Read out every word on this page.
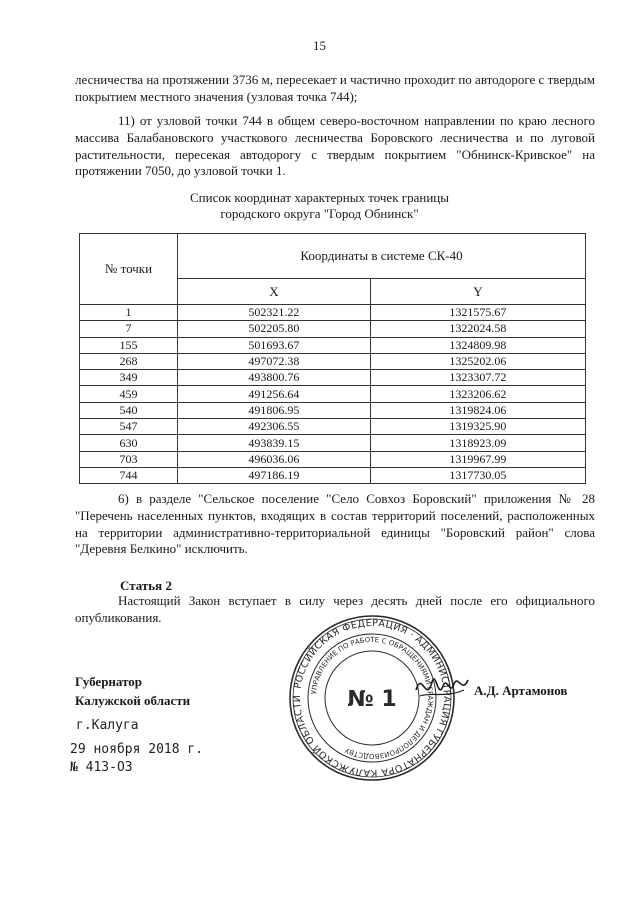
15
лесничества на протяжении 3736 м, пересекает и частично проходит по автодороге с твердым покрытием местного значения (узловая точка 744);
11) от узловой точки 744 в общем северо-восточном направлении по краю лесного массива Балабановского участкового лесничества Боровского лесничества и по луговой растительности, пересекая автодорогу с твердым покрытием "Обнинск-Кривское" на протяжении 7050, до узловой точки 1.
Список координат характерных точек границы
городского округа "Город Обнинск"
№ точки	Координаты в системе СК-40	
	X	Y
1	502321.22	1321575.67
7	502205.80	1322024.58
155	501693.67	1324809.98
268	497072.38	1325202.06
349	493800.76	1323307.72
459	491256.64	1323206.62
540	491806.95	1319824.06
547	492306.55	1319325.90
630	493839.15	1318923.09
703	496036.06	1319967.99
744	497186.19	1317730.05
6) в разделе "Сельское поселение "Село Совхоз Боровский" приложения № 28 "Перечень населенных пунктов, входящих в состав территорий поселений, расположенных на территории административно-территориальной единицы "Боровский район" слова "Деревня Белкино" исключить.
Статья 2
Настоящий Закон вступает в силу через десять дней после его официального опубликования.
РОССИЙСКАЯ ФЕДЕРАЦИЯ · АДМИНИСТРАЦИЯ ГУБЕРНАТОРА КАЛУЖСКОЙ ОБЛАСТИ
УПРАВЛЕНИЕ ПО РАБОТЕ С ОБРАЩЕНИЯМИ ГРАЖДАН И ДЕЛОПРОИЗВОДСТВУ
№ 1
Губернатор
Калужской области
А.Д. Артамонов
г.Калуга
29 ноября 2018 г.
№ 413-ОЗ
